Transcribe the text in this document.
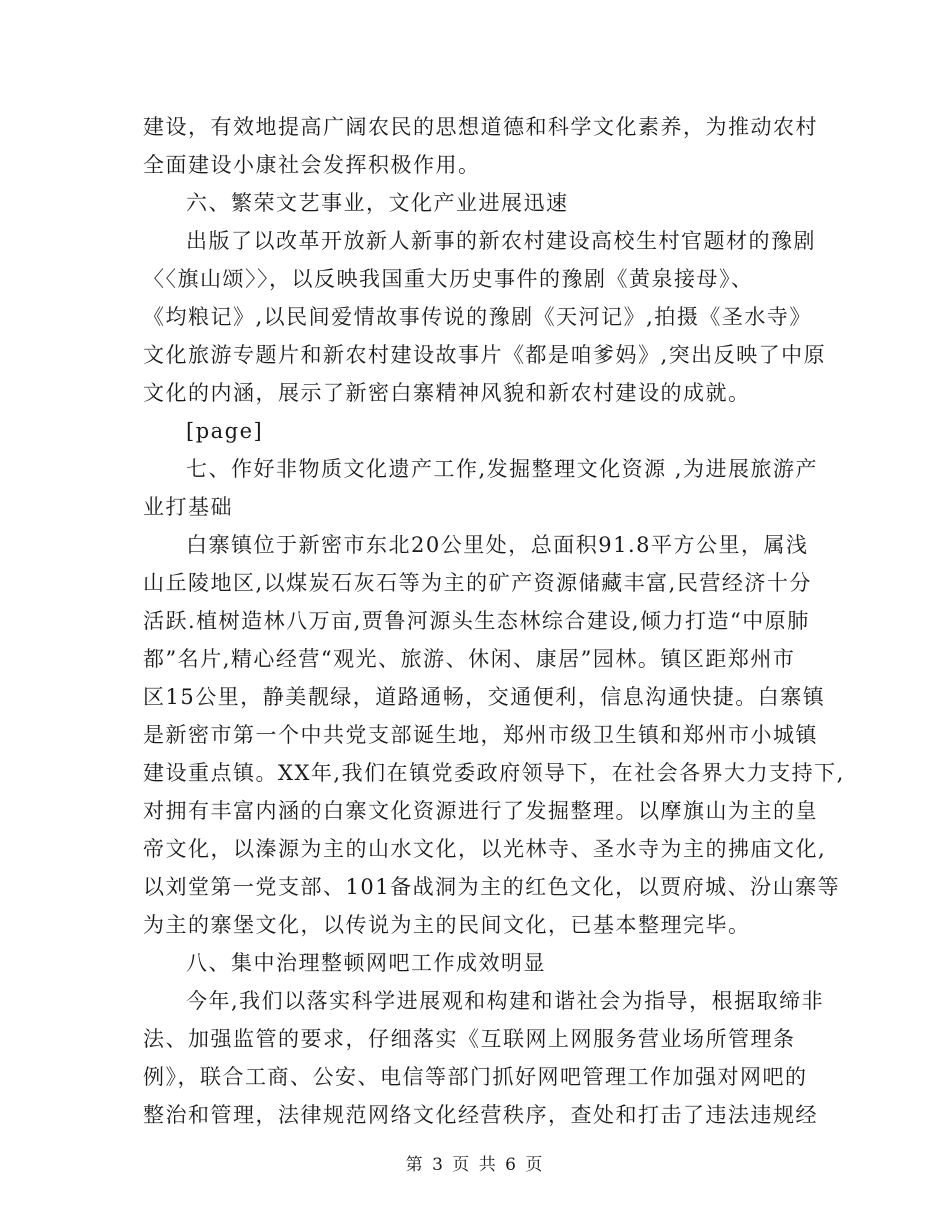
建设，有效地提高广阔农民的思想道德和科学文化素养，为推动农村
全面建设小康社会发挥积极作用。
六、繁荣文艺事业，文化产业进展迅速
出版了以改革开放新人新事的新农村建设高校生村官题材的豫剧
〈〈旗山颂〉〉，以反映我国重大历史事件的豫剧《黄泉接母》、
《均粮记》,以民间爱情故事传说的豫剧《天河记》,拍摄《圣水寺》
文化旅游专题片和新农村建设故事片《都是咱爹妈》,突出反映了中原
文化的内涵，展示了新密白寨精神风貌和新农村建设的成就。
[page]
七、作好非物质文化遗产工作,发掘整理文化资源 ,为进展旅游产
业打基础
白寨镇位于新密市东北20公里处，总面积91.8平方公里，属浅
山丘陵地区,以煤炭石灰石等为主的矿产资源储藏丰富,民营经济十分
活跃.植树造林八万亩,贾鲁河源头生态林综合建设,倾力打造“中原肺
都”名片,精心经营“观光、旅游、休闲、康居”园林。镇区距郑州市
区15公里，静美靓绿，道路通畅，交通便利，信息沟通快捷。白寨镇
是新密市第一个中共党支部诞生地，郑州市级卫生镇和郑州市小城镇
建设重点镇。XX年,我们在镇党委政府领导下，在社会各界大力支持下,
对拥有丰富内涵的白寨文化资源进行了发掘整理。以摩旗山为主的皇
帝文化，以溱源为主的山水文化，以光林寺、圣水寺为主的拂庙文化,
以刘堂第一党支部、101备战洞为主的红色文化，以贾府城、汾山寨等
为主的寨堡文化，以传说为主的民间文化，已基本整理完毕。
八、集中治理整顿网吧工作成效明显
今年,我们以落实科学进展观和构建和谐社会为指导，根据取缔非
法、加强监管的要求，仔细落实《互联网上网服务营业场所管理条
例》，联合工商、公安、电信等部门抓好网吧管理工作加强对网吧的
整治和管理，法律规范网络文化经营秩序，查处和打击了违法违规经
第 3 页 共 6 页
